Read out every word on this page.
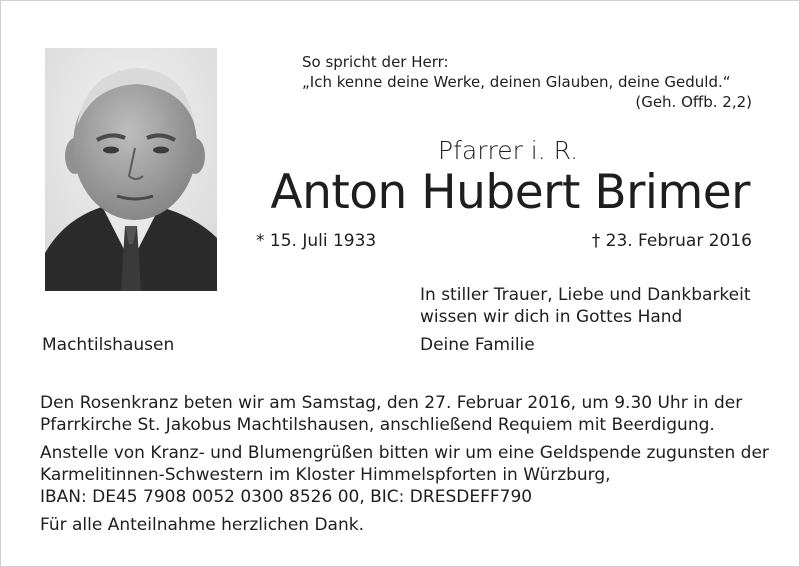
So spricht der Herr:
„Ich kenne deine Werke, deinen Glauben, deine Geduld.“
(Geh. Offb. 2,2)
Pfarrer i. R.
Anton Hubert Brimer
* 15. Juli 1933	† 23. Februar 2016
In stiller Trauer, Liebe und Dankbarkeit
wissen wir dich in Gottes Hand
Deine Familie
Machtilshausen
Den Rosenkranz beten wir am Samstag, den 27. Februar 2016, um 9.30 Uhr in der
Pfarrkirche St. Jakobus Machtilshausen, anschließend Requiem mit Beerdigung.
Anstelle von Kranz- und Blumengrüßen bitten wir um eine Geldspende zugunsten der
Karmelitinnen-Schwestern im Kloster Himmelspforten in Würzburg,
IBAN: DE45 7908 0052 0300 8526 00, BIC: DRESDEFF790
Für alle Anteilnahme herzlichen Dank.
